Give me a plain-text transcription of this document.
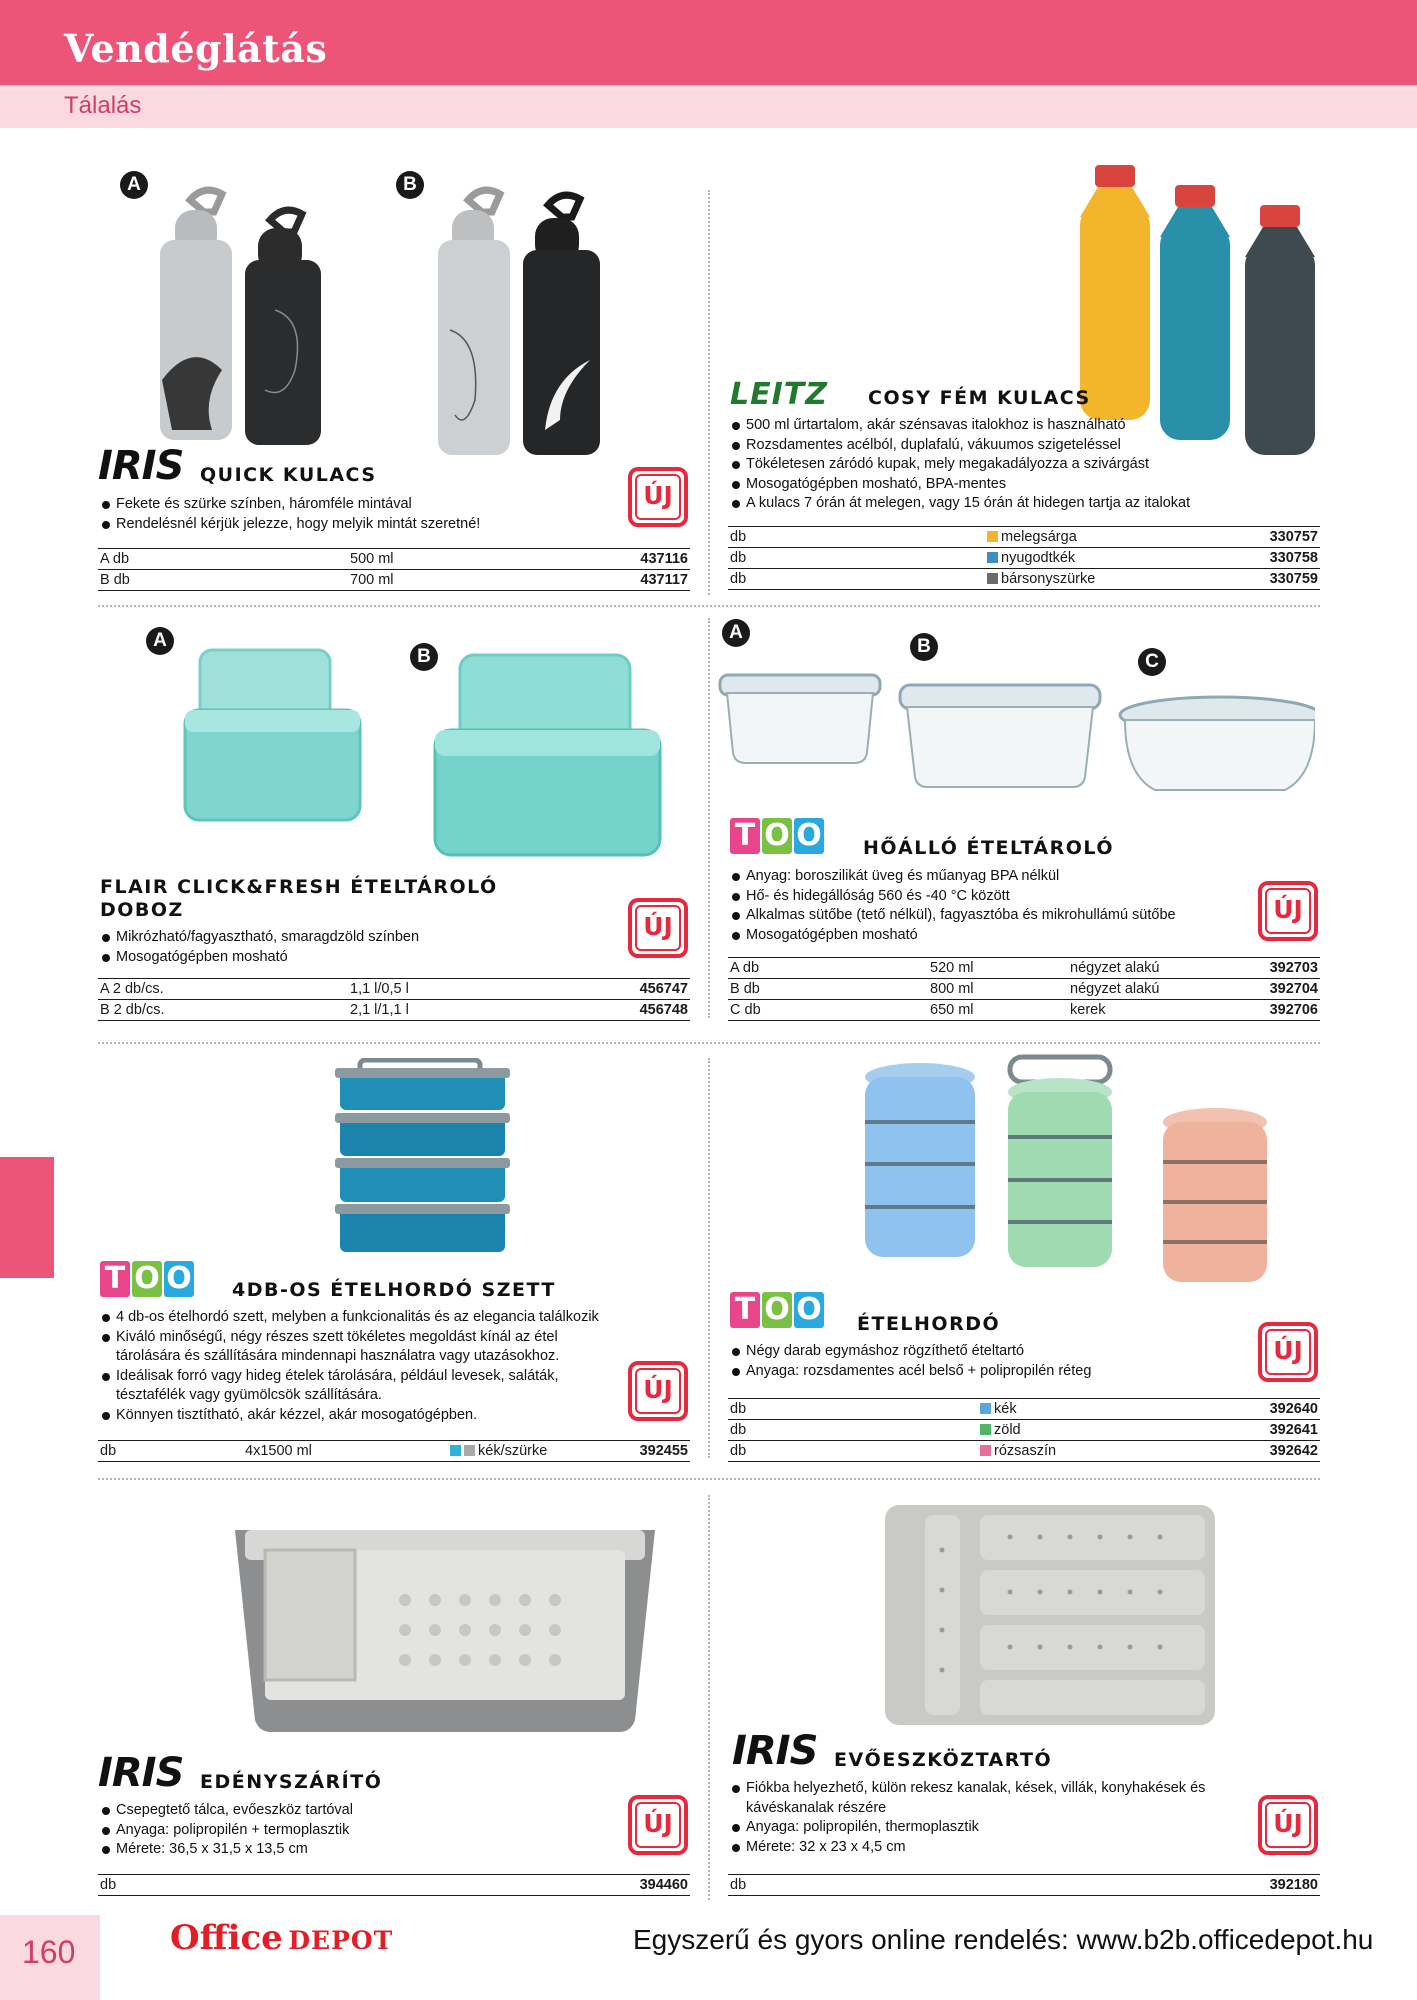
Vendéglátás
Tálalás
A	B
IRIS QUICK KULACS
Fekete és szürke színben, háromféle mintával
Rendelésnél kérjük jelezze, hogy melyik mintát szeretné!
ÚJ
A db	500 ml	437116
B db	700 ml	437117
LEITZ COSY FÉM KULACS
500 ml űrtartalom, akár szénsavas italokhoz is használható
Rozsdamentes acélból, duplafalú, vákuumos szigeteléssel
Tökéletesen záródó kupak, mely megakadályozza a szivárgást
Mosogatógépben mosható, BPA-mentes
A kulacs 7 órán át melegen, vagy 15 órán át hidegen tartja az italokat
db	melegsárga	330757
db	nyugodtkék	330758
db	bársonyszürke	330759
A
B
FLAIR CLICK&FRESH ÉTELTÁROLÓ
DOBOZ
Mikrózható/fagyasztható, smaragdzöld színben
Mosogatógépben mosható
ÚJ
A 2 db/cs.	1,1 l/0,5 l	456747
B 2 db/cs.	2,1 l/1,1 l	456748
A
B
C
T O O HŐÁLLÓ ÉTELTÁROLÓ
Anyag: boroszilikát üveg és műanyag BPA nélkül
Hő- és hidegállóság 560 és -40 °C között
Alkalmas sütőbe (tető nélkül), fagyasztóba és mikrohullámú sütőbe
Mosogatógépben mosható
ÚJ
A db	520 ml	négyzet alakú	392703
B db	800 ml	négyzet alakú	392704
C db	650 ml	kerek	392706
T O O 4DB-OS ÉTELHORDÓ SZETT
4 db-os ételhordó szett, melyben a funkcionalitás és az elegancia találkozik
Kiváló minőségű, négy részes szett tökéletes megoldást kínál az étel tárolására és szállítására mindennapi használatra vagy utazásokhoz.
Ideálisak forró vagy hideg ételek tárolására, például levesek, saláták, tésztafélék vagy gyümölcsök szállítására.
Könnyen tisztítható, akár kézzel, akár mosogatógépben.
ÚJ
db	4x1500 ml	kék/szürke	392455
T O O ÉTELHORDÓ
Négy darab egymáshoz rögzíthető ételtartó
Anyaga: rozsdamentes acél belső + polipropilén réteg
ÚJ
db	kék	392640
db	zöld	392641
db	rózsaszín	392642
IRIS EDÉNYSZÁRÍTÓ
Csepegtető tálca, evőeszköz tartóval
Anyaga: polipropilén + termoplasztik
Mérete: 36,5 x 31,5 x 13,5 cm
ÚJ
db	394460
IRIS EVŐESZKÖZTARTÓ
Fiókba helyezhető, külön rekesz kanalak, kések, villák, konyhakések és kávéskanalak részére
Anyaga: polipropilén, thermoplasztik
Mérete: 32 x 23 x 4,5 cm
ÚJ
db	392180
160	Office DEPOT	Egyszerű és gyors online rendelés: www.b2b.officedepot.hu
